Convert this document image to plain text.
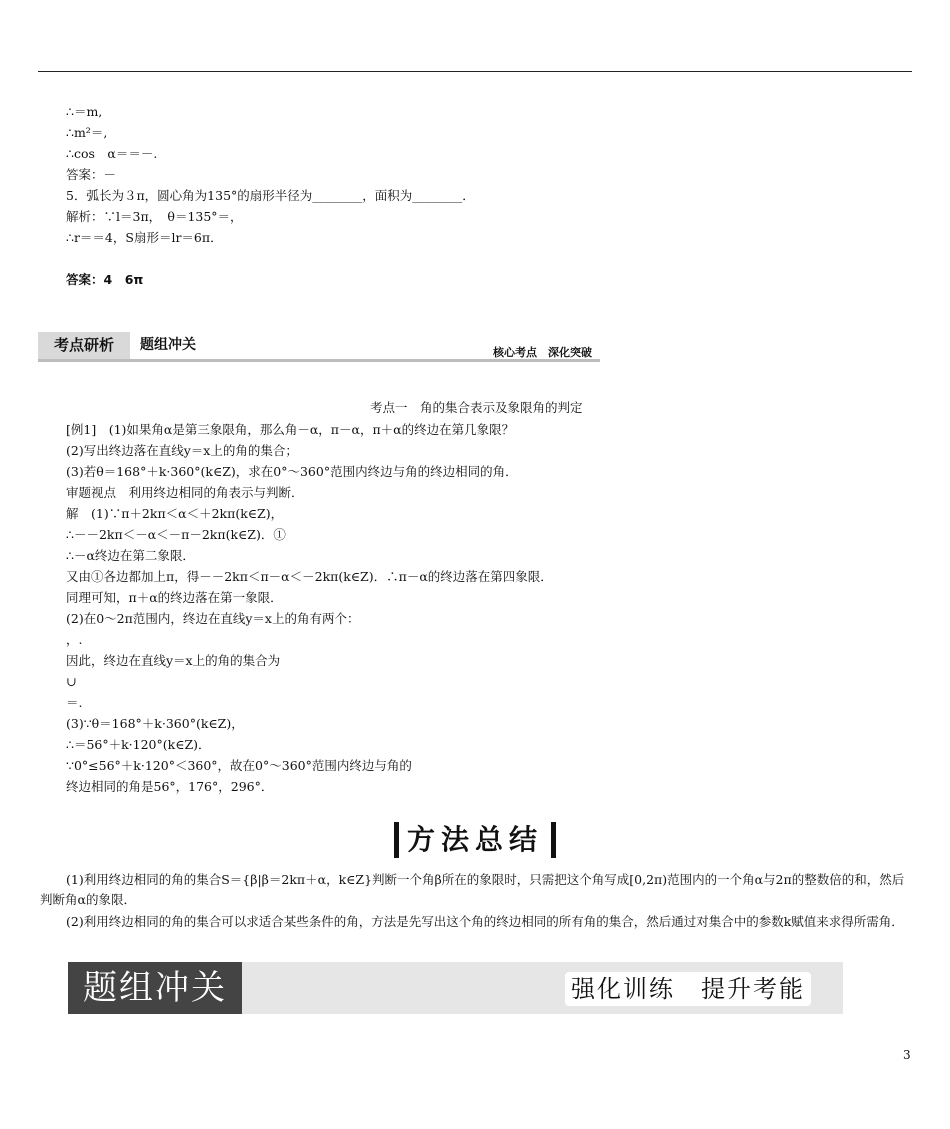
∴＝m,
∴m²＝,
∴cos　α＝＝－.
答案：－
5．弧长为３π，圆心角为135°的扇形半径为________，面积为________．
解析：∵l＝3π，　θ＝135°＝，
∴r＝＝4，S扇形＝lr＝6π．
答案：4　6π
考点研析	题组冲关	核心考点　深化突破
考点一　角的集合表示及象限角的判定
[例1]　(1)如果角α是第三象限角，那么角－α，π－α，π＋α的终边在第几象限？
(2)写出终边落在直线y＝x上的角的集合；
(3)若θ＝168°＋k·360°(k∈Z)，求在0°～360°范围内终边与角的终边相同的角．
审题视点　利用终边相同的角表示与判断．
解　(1)∵π＋2kπ＜α＜＋2kπ(k∈Z)，
∴－－2kπ＜－α＜－π－2kπ(k∈Z)．①
∴－α终边在第二象限．
又由①各边都加上π，得－－2kπ＜π－α＜－2kπ(k∈Z)．∴π－α的终边落在第四象限．
同理可知，π＋α的终边落在第一象限．
(2)在0～2π范围内，终边在直线y＝x上的角有两个：
，.
因此，终边在直线y＝x上的角的集合为
∪
＝.
(3)∵θ＝168°＋k·360°(k∈Z)，
∴＝56°＋k·120°(k∈Z)．
∵0°≤56°＋k·120°＜360°，故在0°～360°范围内终边与角的
终边相同的角是56°，176°，296°．
方法总结
(1)利用终边相同的角的集合S＝{β|β＝2kπ＋α，k∈Z}判断一个角β所在的象限时，只需把这个角写成[0,2π)范围内的一个角α与2π的整数倍的和，然后判断角α的象限．
(2)利用终边相同的角的集合可以求适合某些条件的角，方法是先写出这个角的终边相同的所有角的集合，然后通过对集合中的参数k赋值来求得所需角．
题组冲关	强化训练　提升考能
3
